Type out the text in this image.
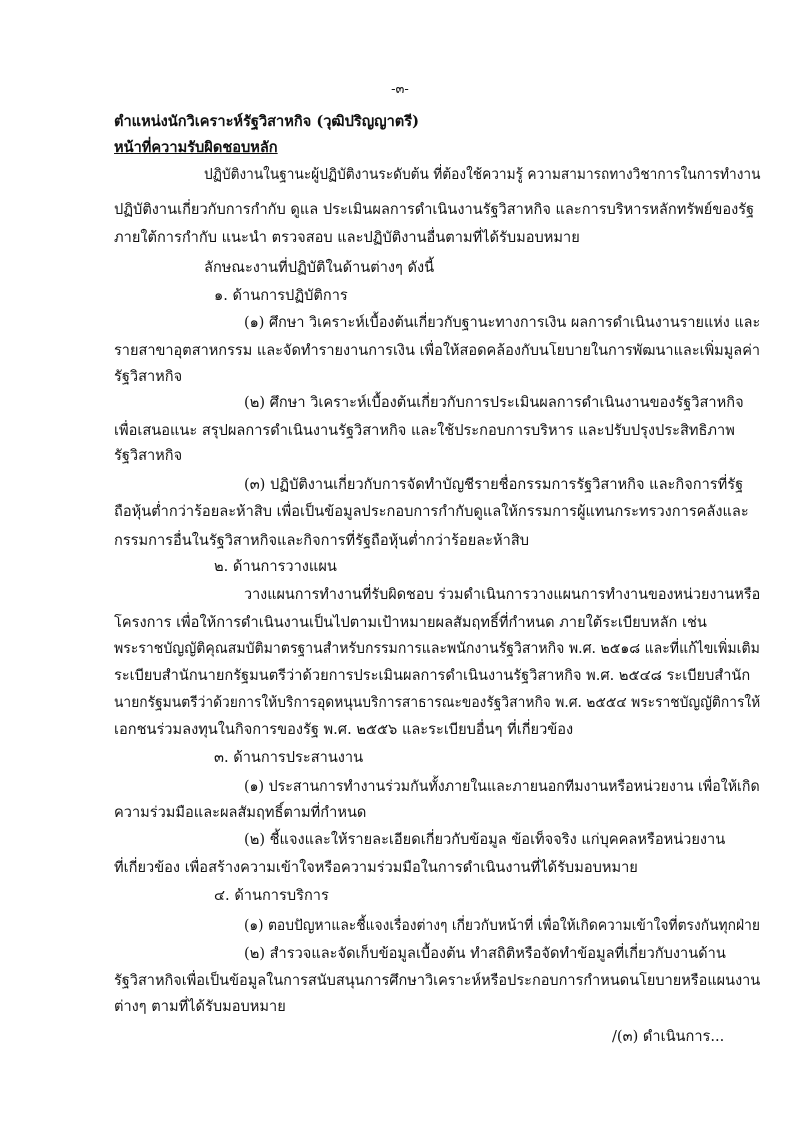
-๓-
ตำแหน่งนักวิเคราะห์รัฐวิสาหกิจ (วุฒิปริญญาตรี)
หน้าที่ความรับผิดชอบหลัก
ปฏิบัติงานในฐานะผู้ปฏิบัติงานระดับต้น ที่ต้องใช้ความรู้ ความสามารถทางวิชาการในการทำงาน
ปฏิบัติงานเกี่ยวกับการกำกับ ดูแล ประเมินผลการดำเนินงานรัฐวิสาหกิจ และการบริหารหลักทรัพย์ของรัฐ
ภายใต้การกำกับ แนะนำ ตรวจสอบ และปฏิบัติงานอื่นตามที่ได้รับมอบหมาย
ลักษณะงานที่ปฏิบัติในด้านต่างๆ ดังนี้
๑. ด้านการปฏิบัติการ
(๑) ศึกษา วิเคราะห์เบื้องต้นเกี่ยวกับฐานะทางการเงิน ผลการดำเนินงานรายแห่ง และ
รายสาขาอุตสาหกรรม และจัดทำรายงานการเงิน เพื่อให้สอดคล้องกับนโยบายในการพัฒนาและเพิ่มมูลค่า
รัฐวิสาหกิจ
(๒) ศึกษา วิเคราะห์เบื้องต้นเกี่ยวกับการประเมินผลการดำเนินงานของรัฐวิสาหกิจ
เพื่อเสนอแนะ สรุปผลการดำเนินงานรัฐวิสาหกิจ และใช้ประกอบการบริหาร และปรับปรุงประสิทธิภาพ
รัฐวิสาหกิจ
(๓) ปฏิบัติงานเกี่ยวกับการจัดทำบัญชีรายชื่อกรรมการรัฐวิสาหกิจ และกิจการที่รัฐ
ถือหุ้นต่ำกว่าร้อยละห้าสิบ เพื่อเป็นข้อมูลประกอบการกำกับดูแลให้กรรมการผู้แทนกระทรวงการคลังและ
กรรมการอื่นในรัฐวิสาหกิจและกิจการที่รัฐถือหุ้นต่ำกว่าร้อยละห้าสิบ
๒. ด้านการวางแผน
วางแผนการทำงานที่รับผิดชอบ ร่วมดำเนินการวางแผนการทำงานของหน่วยงานหรือ
โครงการ เพื่อให้การดำเนินงานเป็นไปตามเป้าหมายผลสัมฤทธิ์ที่กำหนด ภายใต้ระเบียบหลัก เช่น
พระราชบัญญัติคุณสมบัติมาตรฐานสำหรับกรรมการและพนักงานรัฐวิสาหกิจ พ.ศ. ๒๕๑๘ และที่แก้ไขเพิ่มเติม
ระเบียบสำนักนายกรัฐมนตรีว่าด้วยการประเมินผลการดำเนินงานรัฐวิสาหกิจ พ.ศ. ๒๕๔๘ ระเบียบสำนัก
นายกรัฐมนตรีว่าด้วยการให้บริการอุดหนุนบริการสาธารณะของรัฐวิสาหกิจ พ.ศ. ๒๕๕๔ พระราชบัญญัติการให้
เอกชนร่วมลงทุนในกิจการของรัฐ พ.ศ. ๒๕๕๖ และระเบียบอื่นๆ ที่เกี่ยวข้อง
๓. ด้านการประสานงาน
(๑) ประสานการทำงานร่วมกันทั้งภายในและภายนอกทีมงานหรือหน่วยงาน เพื่อให้เกิด
ความร่วมมือและผลสัมฤทธิ์ตามที่กำหนด
(๒) ชี้แจงและให้รายละเอียดเกี่ยวกับข้อมูล ข้อเท็จจริง แก่บุคคลหรือหน่วยงาน
ที่เกี่ยวข้อง เพื่อสร้างความเข้าใจหรือความร่วมมือในการดำเนินงานที่ได้รับมอบหมาย
๔. ด้านการบริการ
(๑) ตอบปัญหาและชี้แจงเรื่องต่างๆ เกี่ยวกับหน้าที่ เพื่อให้เกิดความเข้าใจที่ตรงกันทุกฝ่าย
(๒) สำรวจและจัดเก็บข้อมูลเบื้องต้น ทำสถิติหรือจัดทำข้อมูลที่เกี่ยวกับงานด้าน
รัฐวิสาหกิจเพื่อเป็นข้อมูลในการสนับสนุนการศึกษาวิเคราะห์หรือประกอบการกำหนดนโยบายหรือแผนงาน
ต่างๆ ตามที่ได้รับมอบหมาย
/(๓) ดำเนินการ...
